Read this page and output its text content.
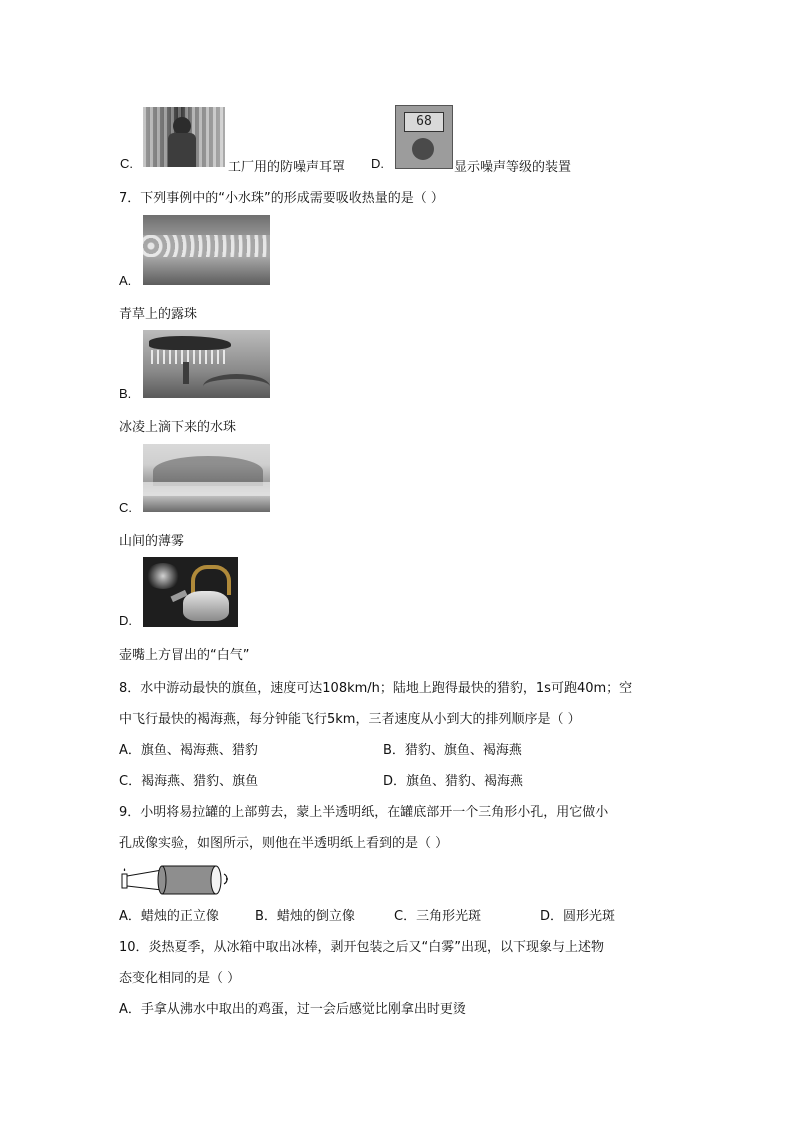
C.	工厂用的防噪声耳罩
68
D.	显示噪声等级的装置
7．下列事例中的“小水珠”的形成需要吸收热量的是（ ）
A.
青草上的露珠
B.
冰凌上滴下来的水珠
C.
山间的薄雾
D.
壶嘴上方冒出的“白气”
8．水中游动最快的旗鱼，速度可达108km/h；陆地上跑得最快的猎豹，1s可跑40m；空
中飞行最快的褐海燕，每分钟能飞行5km，三者速度从小到大的排列顺序是（ ）
A．旗鱼、褐海燕、猎豹	B．猎豹、旗鱼、褐海燕
C．褐海燕、猎豹、旗鱼	D．旗鱼、猎豹、褐海燕
9．小明将易拉罐的上部剪去，蒙上半透明纸，在罐底部开一个三角形小孔，用它做小
孔成像实验，如图所示，则他在半透明纸上看到的是（ ）
A．蜡烛的正立像	B．蜡烛的倒立像	C．三角形光斑	D．圆形光斑
10．炎热夏季，从冰箱中取出冰棒，剥开包装之后又“白雾”出现，以下现象与上述物
态变化相同的是（ ）
A．手拿从沸水中取出的鸡蛋，过一会后感觉比刚拿出时更烫
